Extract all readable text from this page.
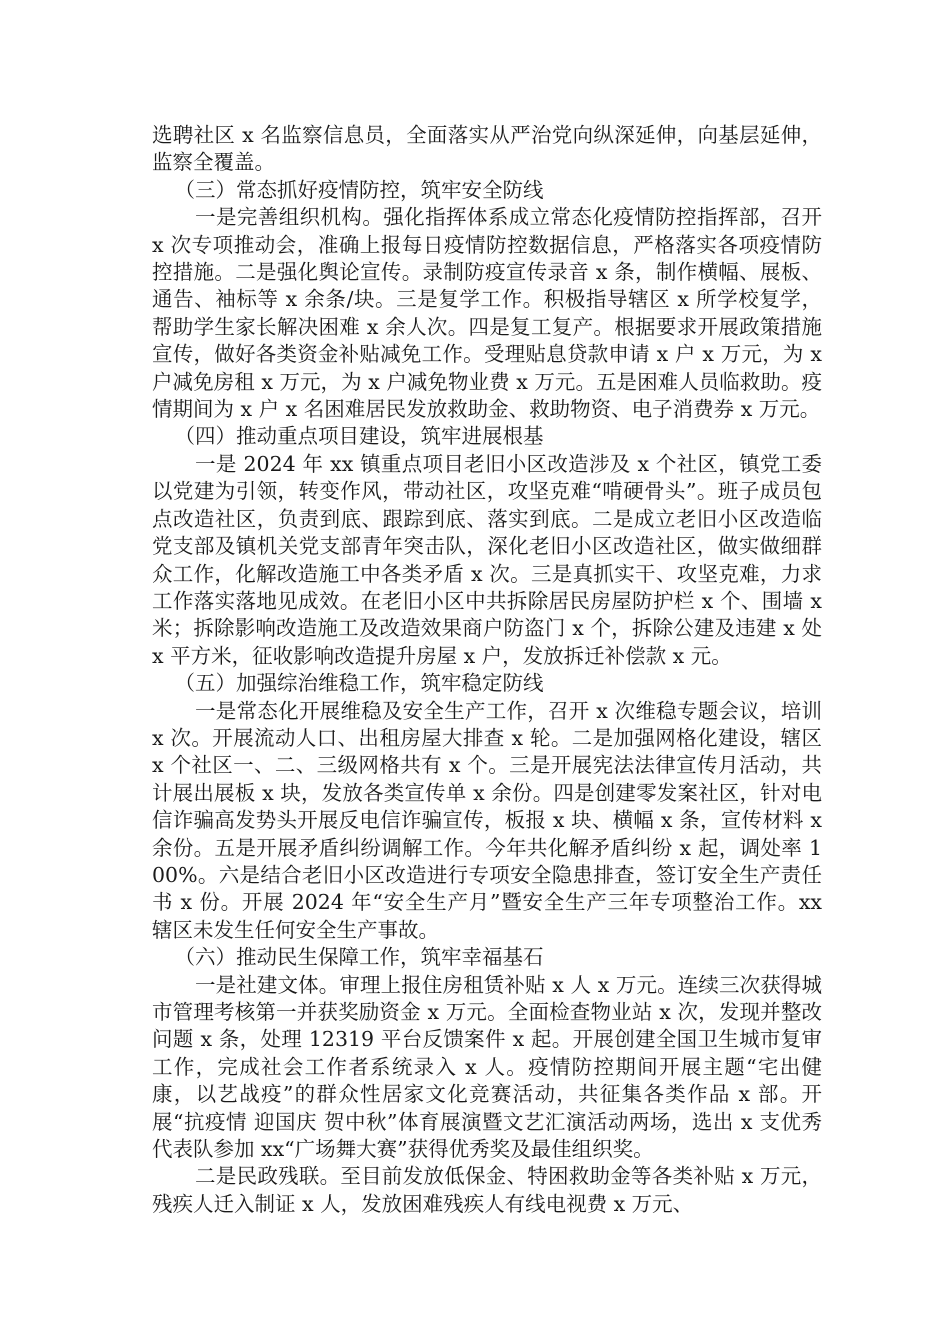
选聘社区 x 名监察信息员，全面落实从严治党向纵深延伸，向基层延伸，监察全覆盖。

（三）常态抓好疫情防控，筑牢安全防线

一是完善组织机构。强化指挥体系成立常态化疫情防控指挥部，召开 x 次专项推动会，准确上报每日疫情防控数据信息，严格落实各项疫情防控措施。二是强化舆论宣传。录制防疫宣传录音 x 条，制作横幅、展板、通告、袖标等 x 余条/块。三是复学工作。积极指导辖区 x 所学校复学，帮助学生家长解决困难 x 余人次。四是复工复产。根据要求开展政策措施宣传，做好各类资金补贴减免工作。受理贴息贷款申请 x 户 x 万元，为 x 户减免房租 x 万元，为 x 户减免物业费 x 万元。五是困难人员临救助。疫情期间为 x 户 x 名困难居民发放救助金、救助物资、电子消费券 x 万元。

（四）推动重点项目建设，筑牢进展根基

一是 2024 年 xx 镇重点项目老旧小区改造涉及 x 个社区，镇党工委以党建为引领，转变作风，带动社区，攻坚克难“啃硬骨头”。班子成员包点改造社区，负责到底、跟踪到底、落实到底。二是成立老旧小区改造临党支部及镇机关党支部青年突击队，深化老旧小区改造社区，做实做细群众工作，化解改造施工中各类矛盾 x 次。三是真抓实干、攻坚克难，力求工作落实落地见成效。在老旧小区中共拆除居民房屋防护栏 x 个、围墙 x 米；拆除影响改造施工及改造效果商户防盗门 x 个，拆除公建及违建 x 处 x 平方米，征收影响改造提升房屋 x 户，发放拆迁补偿款 x 元。

（五）加强综治维稳工作，筑牢稳定防线

一是常态化开展维稳及安全生产工作，召开 x 次维稳专题会议，培训 x 次。开展流动人口、出租房屋大排查 x 轮。二是加强网格化建设，辖区 x 个社区一、二、三级网格共有 x 个。三是开展宪法法律宣传月活动，共计展出展板 x 块，发放各类宣传单 x 余份。四是创建零发案社区，针对电信诈骗高发势头开展反电信诈骗宣传，板报 x 块、横幅 x 条，宣传材料 x 余份。五是开展矛盾纠纷调解工作。今年共化解矛盾纠纷 x 起，调处率 100%。六是结合老旧小区改造进行专项安全隐患排查，签订安全生产责任书 x 份。开展 2024 年“安全生产月”暨安全生产三年专项整治工作。xx 辖区未发生任何安全生产事故。

（六）推动民生保障工作，筑牢幸福基石

一是社建文体。审理上报住房租赁补贴 x 人 x 万元。连续三次获得城市管理考核第一并获奖励资金 x 万元。全面检查物业站 x 次，发现并整改问题 x 条，处理 12319 平台反馈案件 x 起。开展创建全国卫生城市复审工作，完成社会工作者系统录入 x 人。疫情防控期间开展主题“宅出健康，以艺战疫”的群众性居家文化竞赛活动，共征集各类作品 x 部。开展“抗疫情 迎国庆 贺中秋”体育展演暨文艺汇演活动两场，选出 x 支优秀代表队参加 xx“广场舞大赛”获得优秀奖及最佳组织奖。

二是民政残联。至目前发放低保金、特困救助金等各类补贴 x 万元，残疾人迁入制证 x 人，发放困难残疾人有线电视费 x 万元、
